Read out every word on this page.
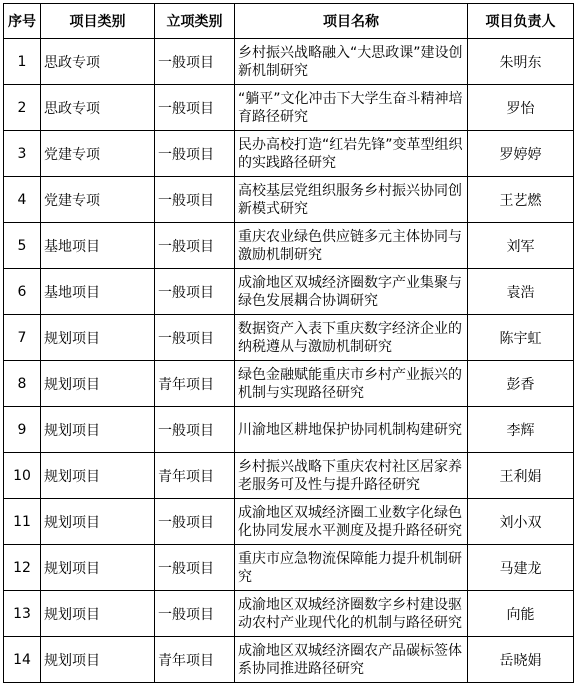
序号	项目类别	立项类别	项目名称	项目负责人
1	思政专项	一般项目	乡村振兴战略融入“大思政课”建设创新机制研究	朱明东
2	思政专项	一般项目	“躺平”文化冲击下大学生奋斗精神培育路径研究	罗怡
3	党建专项	一般项目	民办高校打造“红岩先锋”变革型组织的实践路径研究	罗婷婷
4	党建专项	一般项目	高校基层党组织服务乡村振兴协同创新模式研究	王艺燃
5	基地项目	一般项目	重庆农业绿色供应链多元主体协同与激励机制研究	刘军
6	基地项目	一般项目	成渝地区双城经济圈数字产业集聚与绿色发展耦合协调研究	袁浩
7	规划项目	一般项目	数据资产入表下重庆数字经济企业的纳税遵从与激励机制研究	陈宇虹
8	规划项目	青年项目	绿色金融赋能重庆市乡村产业振兴的机制与实现路径研究	彭香
9	规划项目	一般项目	川渝地区耕地保护协同机制构建研究	李辉
10	规划项目	青年项目	乡村振兴战略下重庆农村社区居家养老服务可及性与提升路径研究	王利娟
11	规划项目	一般项目	成渝地区双城经济圈工业数字化绿色化协同发展水平测度及提升路径研究	刘小双
12	规划项目	一般项目	重庆市应急物流保障能力提升机制研究	马建龙
13	规划项目	一般项目	成渝地区双城经济圈数字乡村建设驱动农村产业现代化的机制与路径研究	向能
14	规划项目	青年项目	成渝地区双城经济圈农产品碳标签体系协同推进路径研究	岳晓娟
